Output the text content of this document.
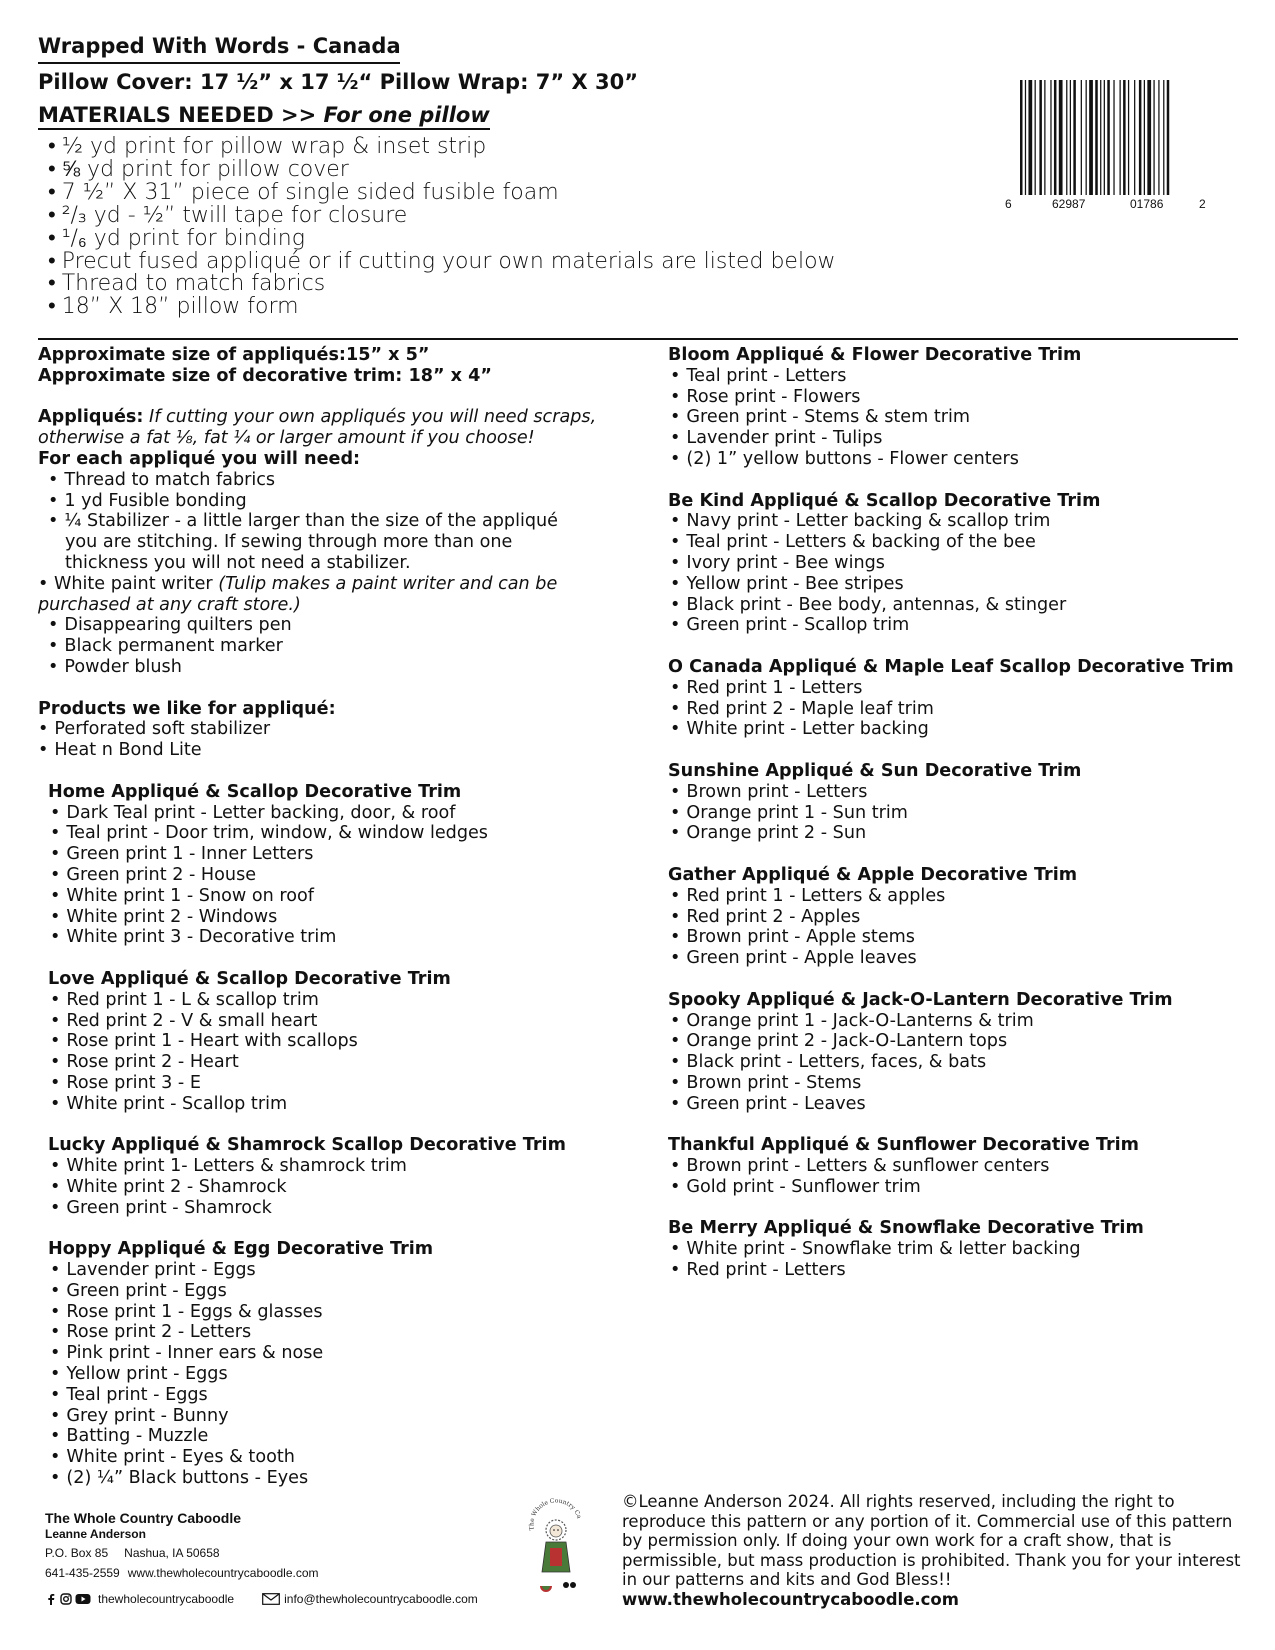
Wrapped With Words - Canada
Pillow Cover: 17 ½” x 17 ½“ Pillow Wrap: 7” X 30”
MATERIALS NEEDED >> For one pillow
• ½ yd print for pillow wrap & inset strip
• ⅝ yd print for pillow cover
• 7 ½” X 31” piece of single sided fusible foam
• ²/₃ yd - ½” twill tape for closure
• ¹/₆ yd print for binding
• Precut fused appliqué or if cutting your own materials are listed below
• Thread to match fabrics
• 18” X 18” pillow form
6	62987	01786	2
Approximate size of appliqués:15” x 5”
Approximate size of decorative trim: 18” x 4”
Appliqués: If cutting your own appliqués you will need scraps,
otherwise a fat ⅛, fat ¼ or larger amount if you choose!
For each appliqué you will need:
• Thread to match fabrics
• 1 yd Fusible bonding
• ¼ Stabilizer - a little larger than the size of the appliqué you are stitching. If sewing through more than one thickness you will not need a stabilizer.
• White paint writer (Tulip makes a paint writer and can be purchased at any craft store.)
• Disappearing quilters pen
• Black permanent marker
• Powder blush
Products we like for appliqué:
• Perforated soft stabilizer
• Heat n Bond Lite
Home Appliqué & Scallop Decorative Trim
• Dark Teal print - Letter backing, door, & roof
• Teal print - Door trim, window, & window ledges
• Green print 1 - Inner Letters
• Green print 2 - House
• White print 1 - Snow on roof
• White print 2 - Windows
• White print 3 - Decorative trim
Love Appliqué & Scallop Decorative Trim
• Red print 1 - L & scallop trim
• Red print 2 - V & small heart
• Rose print 1 - Heart with scallops
• Rose print 2 - Heart
• Rose print 3 - E
• White print - Scallop trim
Lucky Appliqué & Shamrock Scallop Decorative Trim
• White print 1- Letters & shamrock trim
• White print 2 - Shamrock
• Green print - Shamrock
Hoppy Appliqué & Egg Decorative Trim
• Lavender print - Eggs
• Green print - Eggs
• Rose print 1 - Eggs & glasses
• Rose print 2 - Letters
• Pink print - Inner ears & nose
• Yellow print - Eggs
• Teal print - Eggs
• Grey print - Bunny
• Batting - Muzzle
• White print - Eyes & tooth
• (2) ¼” Black buttons - Eyes
Bloom Appliqué & Flower Decorative Trim
• Teal print - Letters
• Rose print - Flowers
• Green print - Stems & stem trim
• Lavender print - Tulips
• (2) 1” yellow buttons - Flower centers
Be Kind Appliqué & Scallop Decorative Trim
• Navy print - Letter backing & scallop trim
• Teal print - Letters & backing of the bee
• Ivory print - Bee wings
• Yellow print - Bee stripes
• Black print - Bee body, antennas, & stinger
• Green print - Scallop trim
O Canada Appliqué & Maple Leaf Scallop Decorative Trim
• Red print 1 - Letters
• Red print 2 - Maple leaf trim
• White print - Letter backing
Sunshine Appliqué & Sun Decorative Trim
• Brown print - Letters
• Orange print 1 - Sun trim
• Orange print 2 - Sun
Gather Appliqué & Apple Decorative Trim
• Red print 1 - Letters & apples
• Red print 2 - Apples
• Brown print - Apple stems
• Green print - Apple leaves
Spooky Appliqué & Jack-O-Lantern Decorative Trim
• Orange print 1 - Jack-O-Lanterns & trim
• Orange print 2 - Jack-O-Lantern tops
• Black print - Letters, faces, & bats
• Brown print - Stems
• Green print - Leaves
Thankful Appliqué & Sunflower Decorative Trim
• Brown print - Letters & sunflower centers
• Gold print - Sunflower trim
Be Merry Appliqué & Snowflake Decorative Trim
• White print - Snowflake trim & letter backing
• Red print - Letters
The Whole Country Caboodle
Leanne Anderson
P.O. Box 85 Nashua, IA 50658
641-435-2559 www.thewholecountrycaboodle.com
thewholecountrycaboodle	info@thewholecountrycaboodle.com
The Whole Country Ca
©Leanne Anderson 2024. All rights reserved, including the right to reproduce this pattern or any portion of it. Commercial use of this pattern by permission only. If doing your own work for a craft show, that is permissible, but mass production is prohibited. Thank you for your interest in our patterns and kits and God Bless!! www.thewholecountrycaboodle.com
